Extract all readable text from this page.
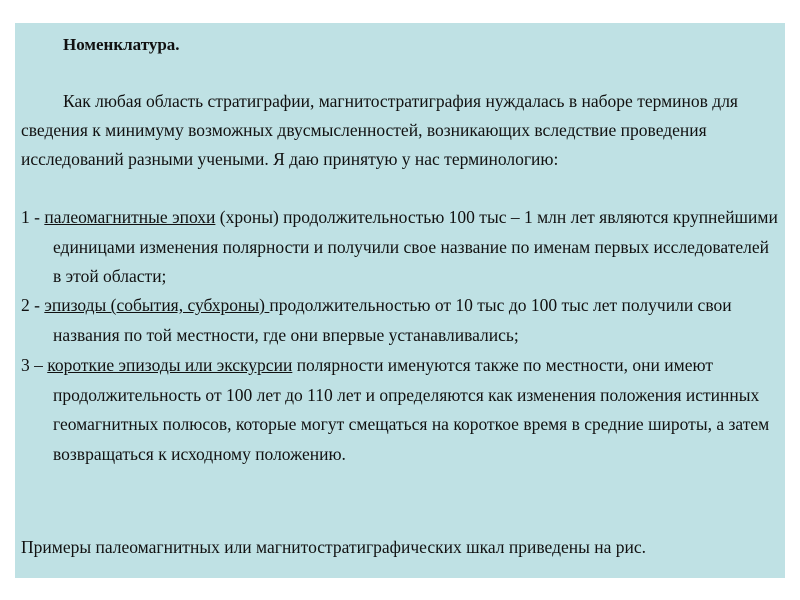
Номенклатура.

Как любая область стратиграфии, магнитостратиграфия нуждалась в наборе терминов для сведения к минимуму возможных двусмысленностей, возникающих вследствие проведения исследований разными учеными. Я даю принятую у нас терминологию:

1 - палеомагнитные эпохи (хроны) продолжительностью 100 тыс – 1 млн лет являются крупнейшими единицами изменения полярности и получили свое название по именам первых исследователей в этой области;

2 - эпизоды (события, субхроны) продолжительностью от 10 тыс до 100 тыс лет получили свои названия по той местности, где они впервые устанавливались;

3 – короткие эпизоды или экскурсии полярности именуются также по местности, они имеют продолжительность от 100 лет до 110 лет и определяются как изменения положения истинных геомагнитных полюсов, которые могут смещаться на короткое время в средние широты, а затем возвращаться к исходному положению.

Примеры палеомагнитных или магнитостратиграфических шкал приведены на рис.
